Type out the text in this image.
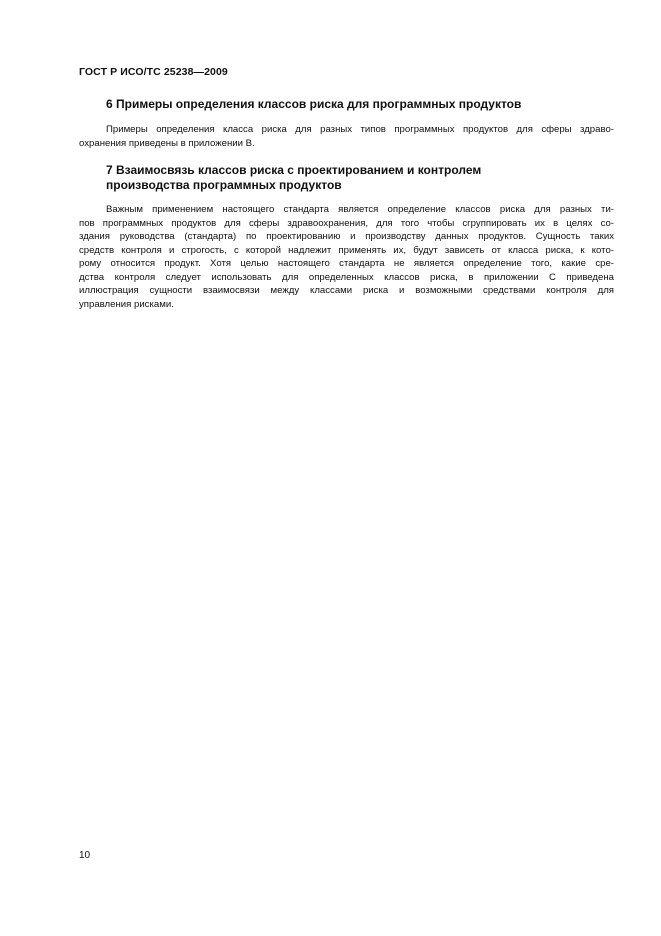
ГОСТ Р ИСО/ТС 25238—2009
6 Примеры определения классов риска для программных продуктов
Примеры определения класса риска для разных типов программных продуктов для сферы здраво-
охранения приведены в приложении В.
7 Взаимосвязь классов риска с проектированием и контролем
производства программных продуктов
Важным применением настоящего стандарта является определение классов риска для разных ти-
пов программных продуктов для сферы здравоохранения, для того чтобы сгруппировать их в целях со-
здания руководства (стандарта) по проектированию и производству данных продуктов. Сущность таких
средств контроля и строгость, с которой надлежит применять их, будут зависеть от класса риска, к кото-
рому относится продукт. Хотя целью настоящего стандарта не является определение того, какие сре-
дства контроля следует использовать для определенных классов риска, в приложении С приведена
иллюстрация сущности взаимосвязи между классами риска и возможными средствами контроля для
управления рисками.
10
